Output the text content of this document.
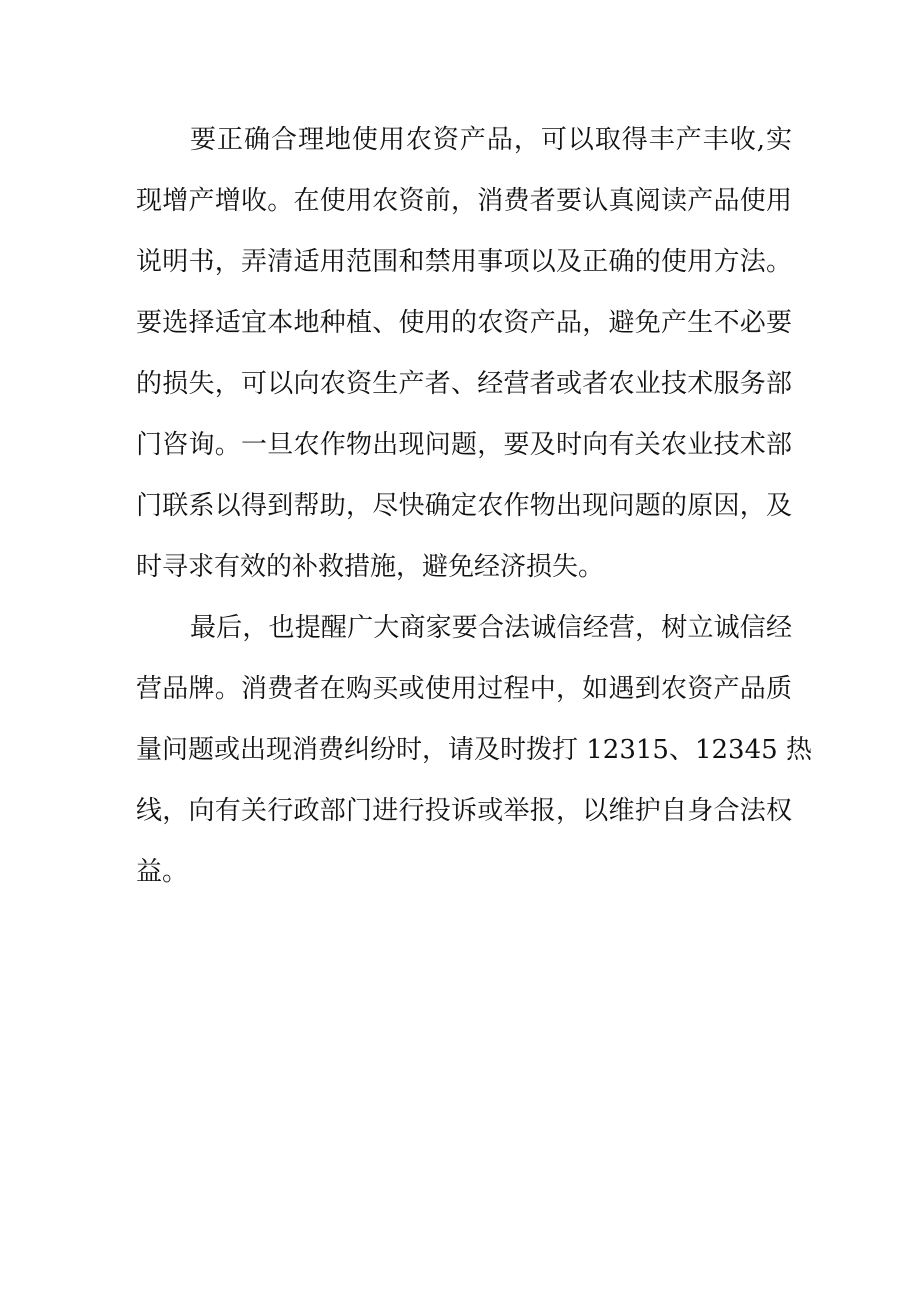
要正确合理地使用农资产品，可以取得丰产丰收,实
现增产增收。在使用农资前，消费者要认真阅读产品使用
说明书，弄清适用范围和禁用事项以及正确的使用方法。
要选择适宜本地种植、使用的农资产品，避免产生不必要
的损失，可以向农资生产者、经营者或者农业技术服务部
门咨询。一旦农作物出现问题，要及时向有关农业技术部
门联系以得到帮助，尽快确定农作物出现问题的原因，及
时寻求有效的补救措施，避免经济损失。
最后，也提醒广大商家要合法诚信经营，树立诚信经
营品牌。消费者在购买或使用过程中，如遇到农资产品质
量问题或出现消费纠纷时，请及时拨打 12315、12345 热
线，向有关行政部门进行投诉或举报，以维护自身合法权
益。
